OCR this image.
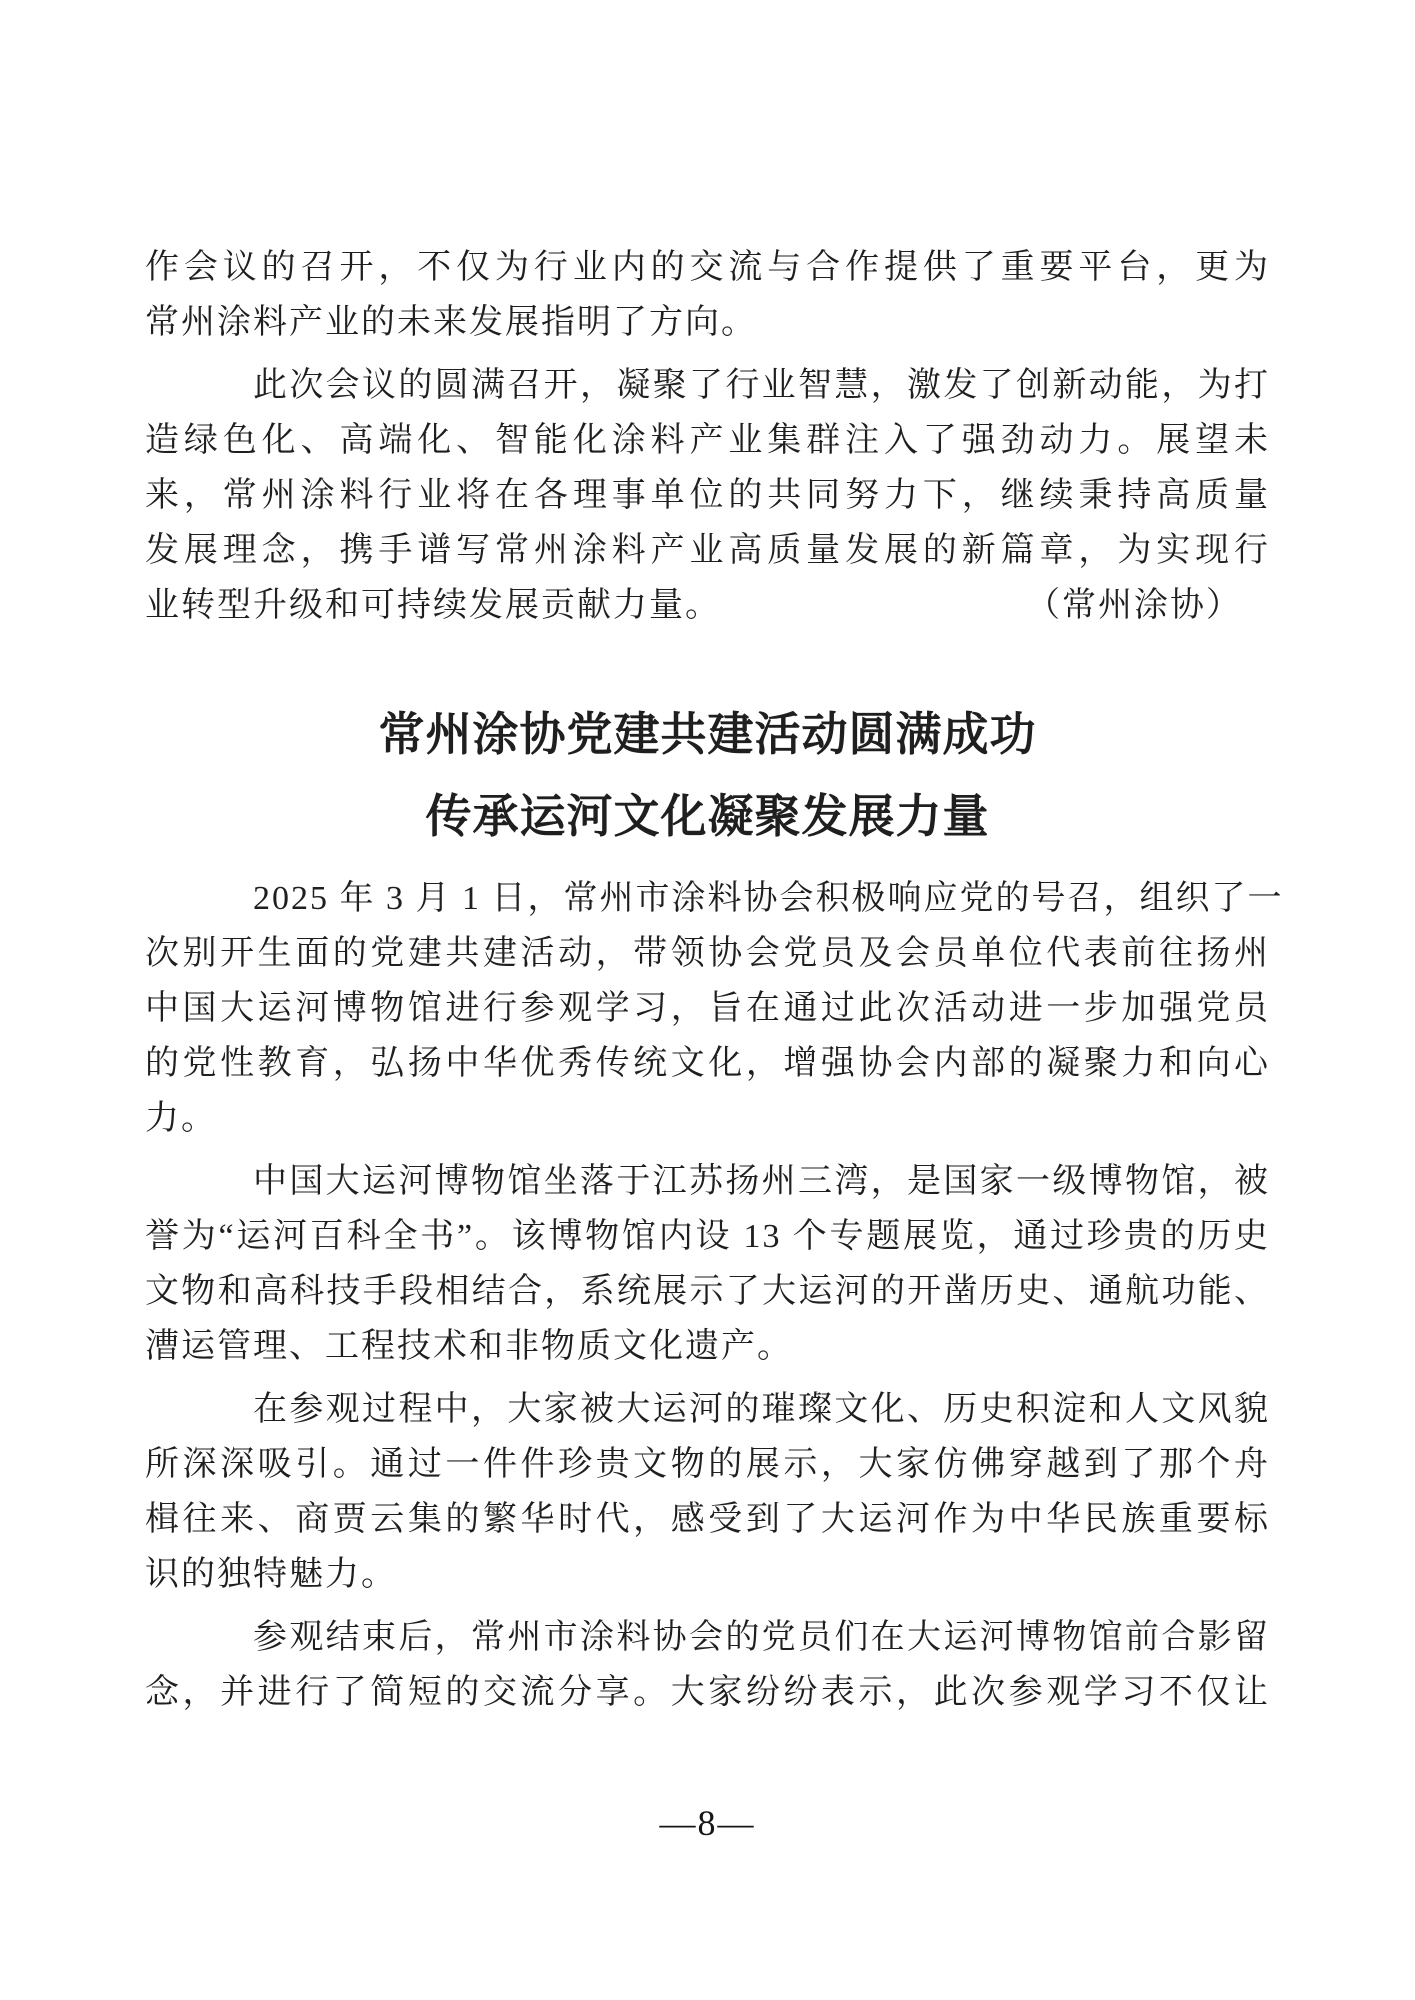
作会议的召开，不仅为行业内的交流与合作提供了重要平台，更为
常州涂料产业的未来发展指明了方向。
此次会议的圆满召开，凝聚了行业智慧，激发了创新动能，为打
造绿色化、高端化、智能化涂料产业集群注入了强劲动力。展望未
来，常州涂料行业将在各理事单位的共同努力下，继续秉持高质量
发展理念，携手谱写常州涂料产业高质量发展的新篇章，为实现行
业转型升级和可持续发展贡献力量。	（常州涂协）
常州涂协党建共建活动圆满成功
传承运河文化凝聚发展力量
2025 年 3 月 1 日，常州市涂料协会积极响应党的号召，组织了一
次别开生面的党建共建活动，带领协会党员及会员单位代表前往扬州
中国大运河博物馆进行参观学习，旨在通过此次活动进一步加强党员
的党性教育，弘扬中华优秀传统文化，增强协会内部的凝聚力和向心
力。
中国大运河博物馆坐落于江苏扬州三湾，是国家一级博物馆，被
誉为“运河百科全书”。该博物馆内设 13 个专题展览，通过珍贵的历史
文物和高科技手段相结合，系统展示了大运河的开凿历史、通航功能、
漕运管理、工程技术和非物质文化遗产。
在参观过程中，大家被大运河的璀璨文化、历史积淀和人文风貌
所深深吸引。通过一件件珍贵文物的展示，大家仿佛穿越到了那个舟
楫往来、商贾云集的繁华时代，感受到了大运河作为中华民族重要标
识的独特魅力。
参观结束后，常州市涂料协会的党员们在大运河博物馆前合影留
念，并进行了简短的交流分享。大家纷纷表示，此次参观学习不仅让
—8—
